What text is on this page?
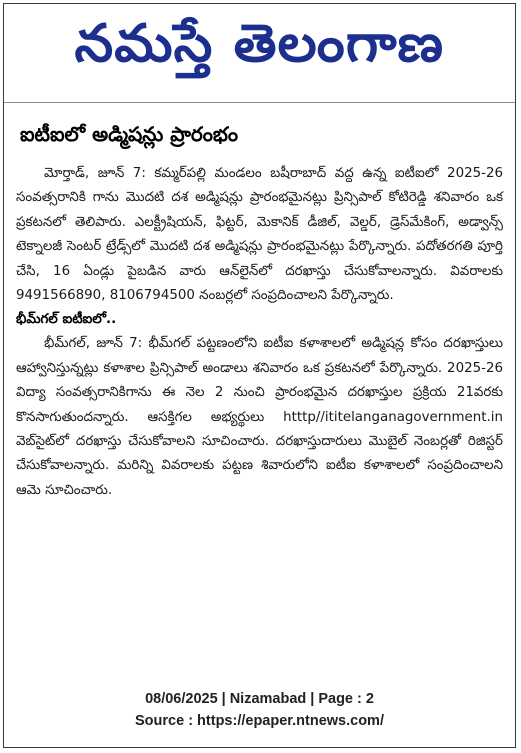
నమస్తే తెలంగాణ
ఐటీఐలో అడ్మిషన్లు ప్రారంభం

మోర్తాడ్, జూన్ 7: కమ్మర్‌పల్లి మండలం బషీరాబాద్ వద్ద ఉన్న ఐటీఐలో 2025-26 సంవత్సరానికి గాను మొదటి దశ అడ్మిషన్లు ప్రారంభమైనట్లు ప్రిన్సిపాల్ కోటిరెడ్డి శనివారం ఒక ప్రకటనలో తెలిపారు. ఎలక్ట్రీషియన్, ఫిట్టర్, మెకానిక్ డీజిల్, వెల్డర్, డ్రెస్‌మేకింగ్, అడ్వాన్స్ టెక్నాలజీ సెంటర్ ట్రేడ్స్‌లో మొదటి దశ అడ్మిషన్లు ప్రారంభమైనట్లు పేర్కొన్నారు. పదోతరగతి పూర్తి చేసి, 16 ఏండ్లు పైబడిన వారు ఆన్‌లైన్‌లో దరఖాస్తు చేసుకోవాలన్నారు. వివరాలకు 9491566890, 8106794500 నంబర్లలో సంప్రదించాలని పేర్కొన్నారు.

భీమ్‌గల్ ఐటీఐలో..

భీమ్‌గల్, జూన్ 7: భీమ్‌గల్ పట్టణంలోని ఐటీఐ కళాశాలలో అడ్మిషన్ల కోసం దరఖాస్తులు ఆహ్వానిస్తున్నట్లు కళాశాల ప్రిన్సిపాల్ అండాలు శనివారం ఒక ప్రకటనలో పేర్కొన్నారు. 2025-26 విద్యా సంవత్సరానికిగాను ఈ నెల 2 నుంచి ప్రారంభమైన దరఖాస్తుల ప్రక్రియ 21వరకు కొనసాగుతుందన్నారు. ఆసక్తిగల అభ్యర్థులు htttp//ititelanganagovernment.in వెబ్‌సైట్‌లో దరఖాస్తు చేసుకోవాలని సూచించారు. దరఖాస్తుదారులు మొబైల్ నెంబర్లతో రిజిస్టర్ చేసుకోవాలన్నారు. మరిన్ని వివరాలకు పట్టణ శివారులోని ఐటీఐ కళాశాలలో సంప్రదించాలని ఆమె సూచించారు.

08/06/2025 | Nizamabad | Page : 2
Source : https://epaper.ntnews.com/
